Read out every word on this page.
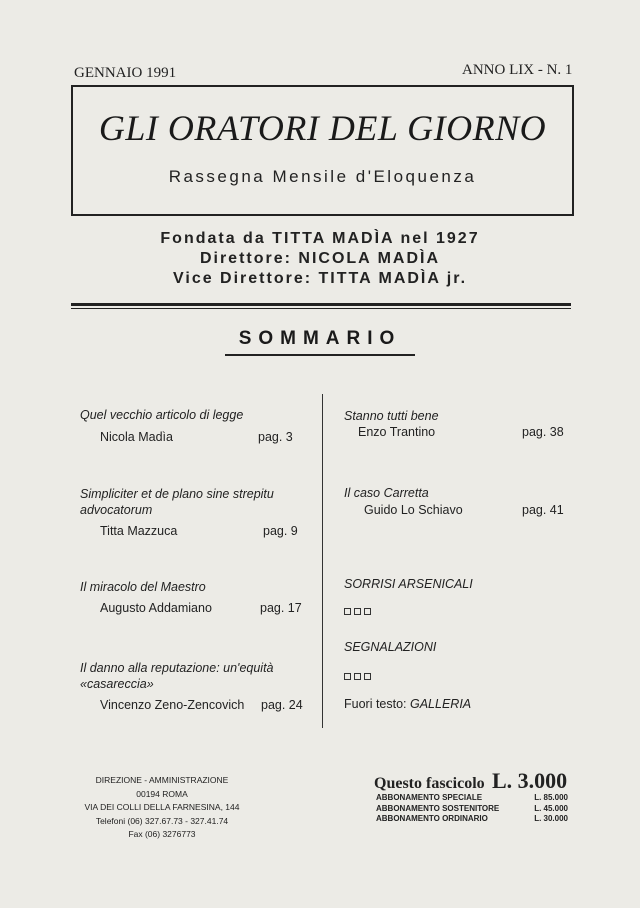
GENNAIO 1991	ANNO LIX - N. 1
GLI ORATORI DEL GIORNO
Rassegna Mensile d'Eloquenza
Fondata da TITTA MADÌA nel 1927
Direttore: NICOLA MADÌA
Vice Direttore: TITTA MADÌA jr.
SOMMARIO
Quel vecchio articolo di legge
Nicola Madìa	pag. 3
Simpliciter et de plano sine strepitu advocatorum
Titta Mazzuca	pag. 9
Il miracolo del Maestro
Augusto Addamiano	pag. 17
Il danno alla reputazione: un'equità «casareccia»
Vincenzo Zeno-Zencovich pag. 24
Stanno tutti bene
Enzo Trantino	pag. 38
Il caso Carretta
Guido Lo Schiavo	pag. 41
SORRISI ARSENICALI
SEGNALAZIONI
Fuori testo: GALLERIA
DIREZIONE - AMMINISTRAZIONE
00194 ROMA
VIA DEI COLLI DELLA FARNESINA, 144
Telefoni (06) 327.67.73 - 327.41.74
Fax (06) 3276773
Questo fascicolo L. 3.000
ABBONAMENTO SPECIALE	L. 85.000
ABBONAMENTO SOSTENITORE	L. 45.000
ABBONAMENTO ORDINARIO	L. 30.000
